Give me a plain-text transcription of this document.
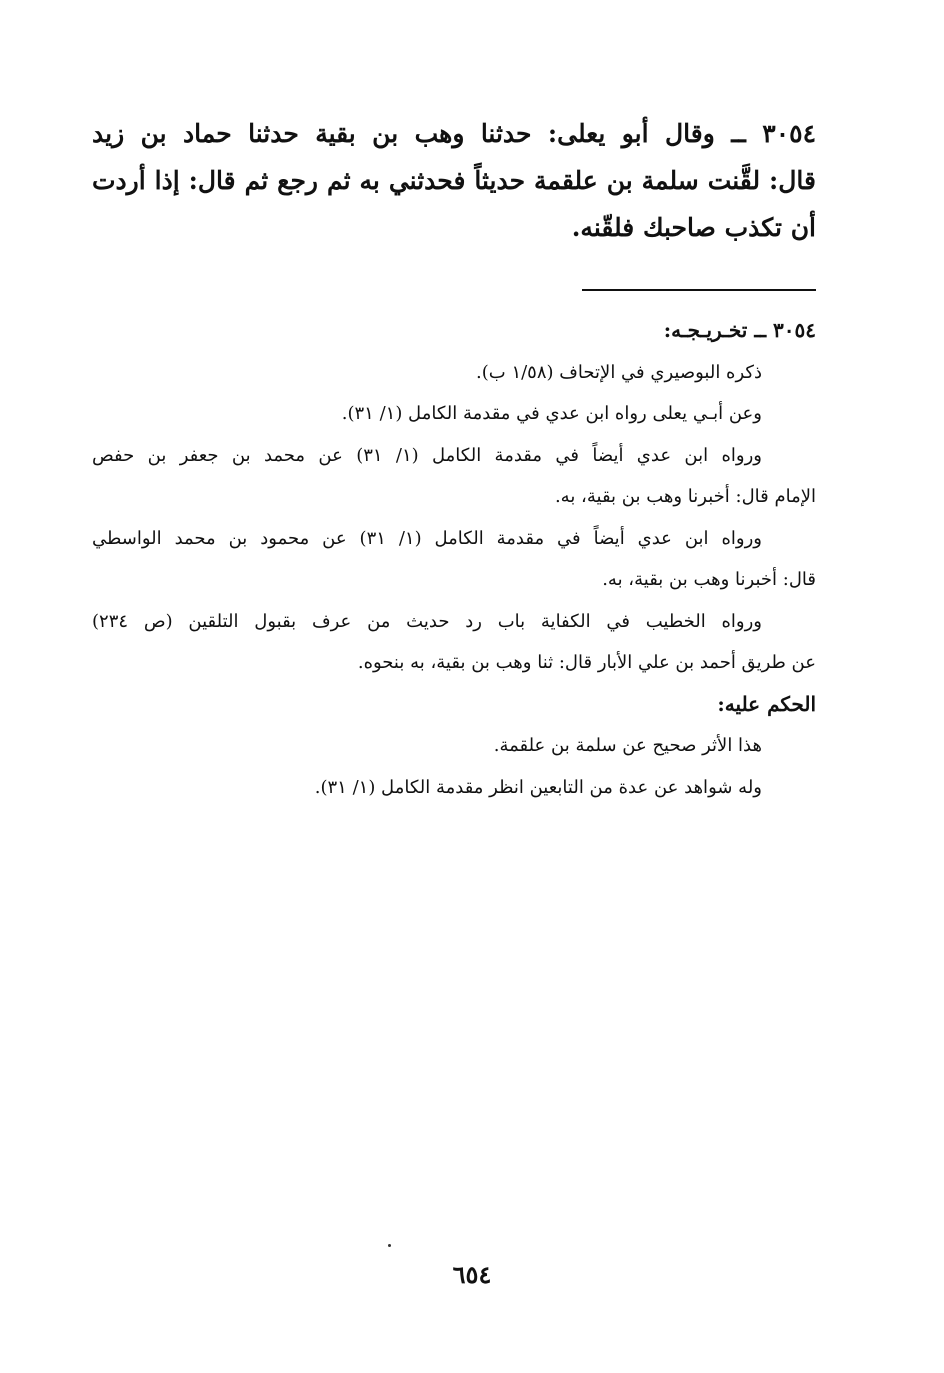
٣٠٥٤ ــ وقال أبو يعلى: حدثنا وهب بن بقية حدثنا حماد بن زيد
قال: لقَّنت سلمة بن علقمة حديثاً فحدثني به ثم رجع ثم قال: إذا أردت
أن تكذب صاحبك فلقّنه.
٣٠٥٤ ــ تخـريـجـه:
ذكره البوصيري في الإتحاف (١/٥٨ ب).
وعن أبـي يعلى رواه ابن عدي في مقدمة الكامل (١/ ٣١).
ورواه ابن عدي أيضاً في مقدمة الكامل (١/ ٣١) عن محمد بن جعفر بن حفص
الإمام قال: أخبرنا وهب بن بقية، به.
ورواه ابن عدي أيضاً في مقدمة الكامل (١/ ٣١) عن محمود بن محمد الواسطي
قال: أخبرنا وهب بن بقية، به.
ورواه الخطيب في الكفاية باب رد حديث من عرف بقبول التلقين (ص ٢٣٤)
عن طريق أحمد بن علي الأبار قال: ثنا وهب بن بقية، به بنحوه.
الحكم عليه:
هذا الأثر صحيح عن سلمة بن علقمة.
وله شواهد عن عدة من التابعين انظر مقدمة الكامل (١/ ٣١).
٦٥٤
